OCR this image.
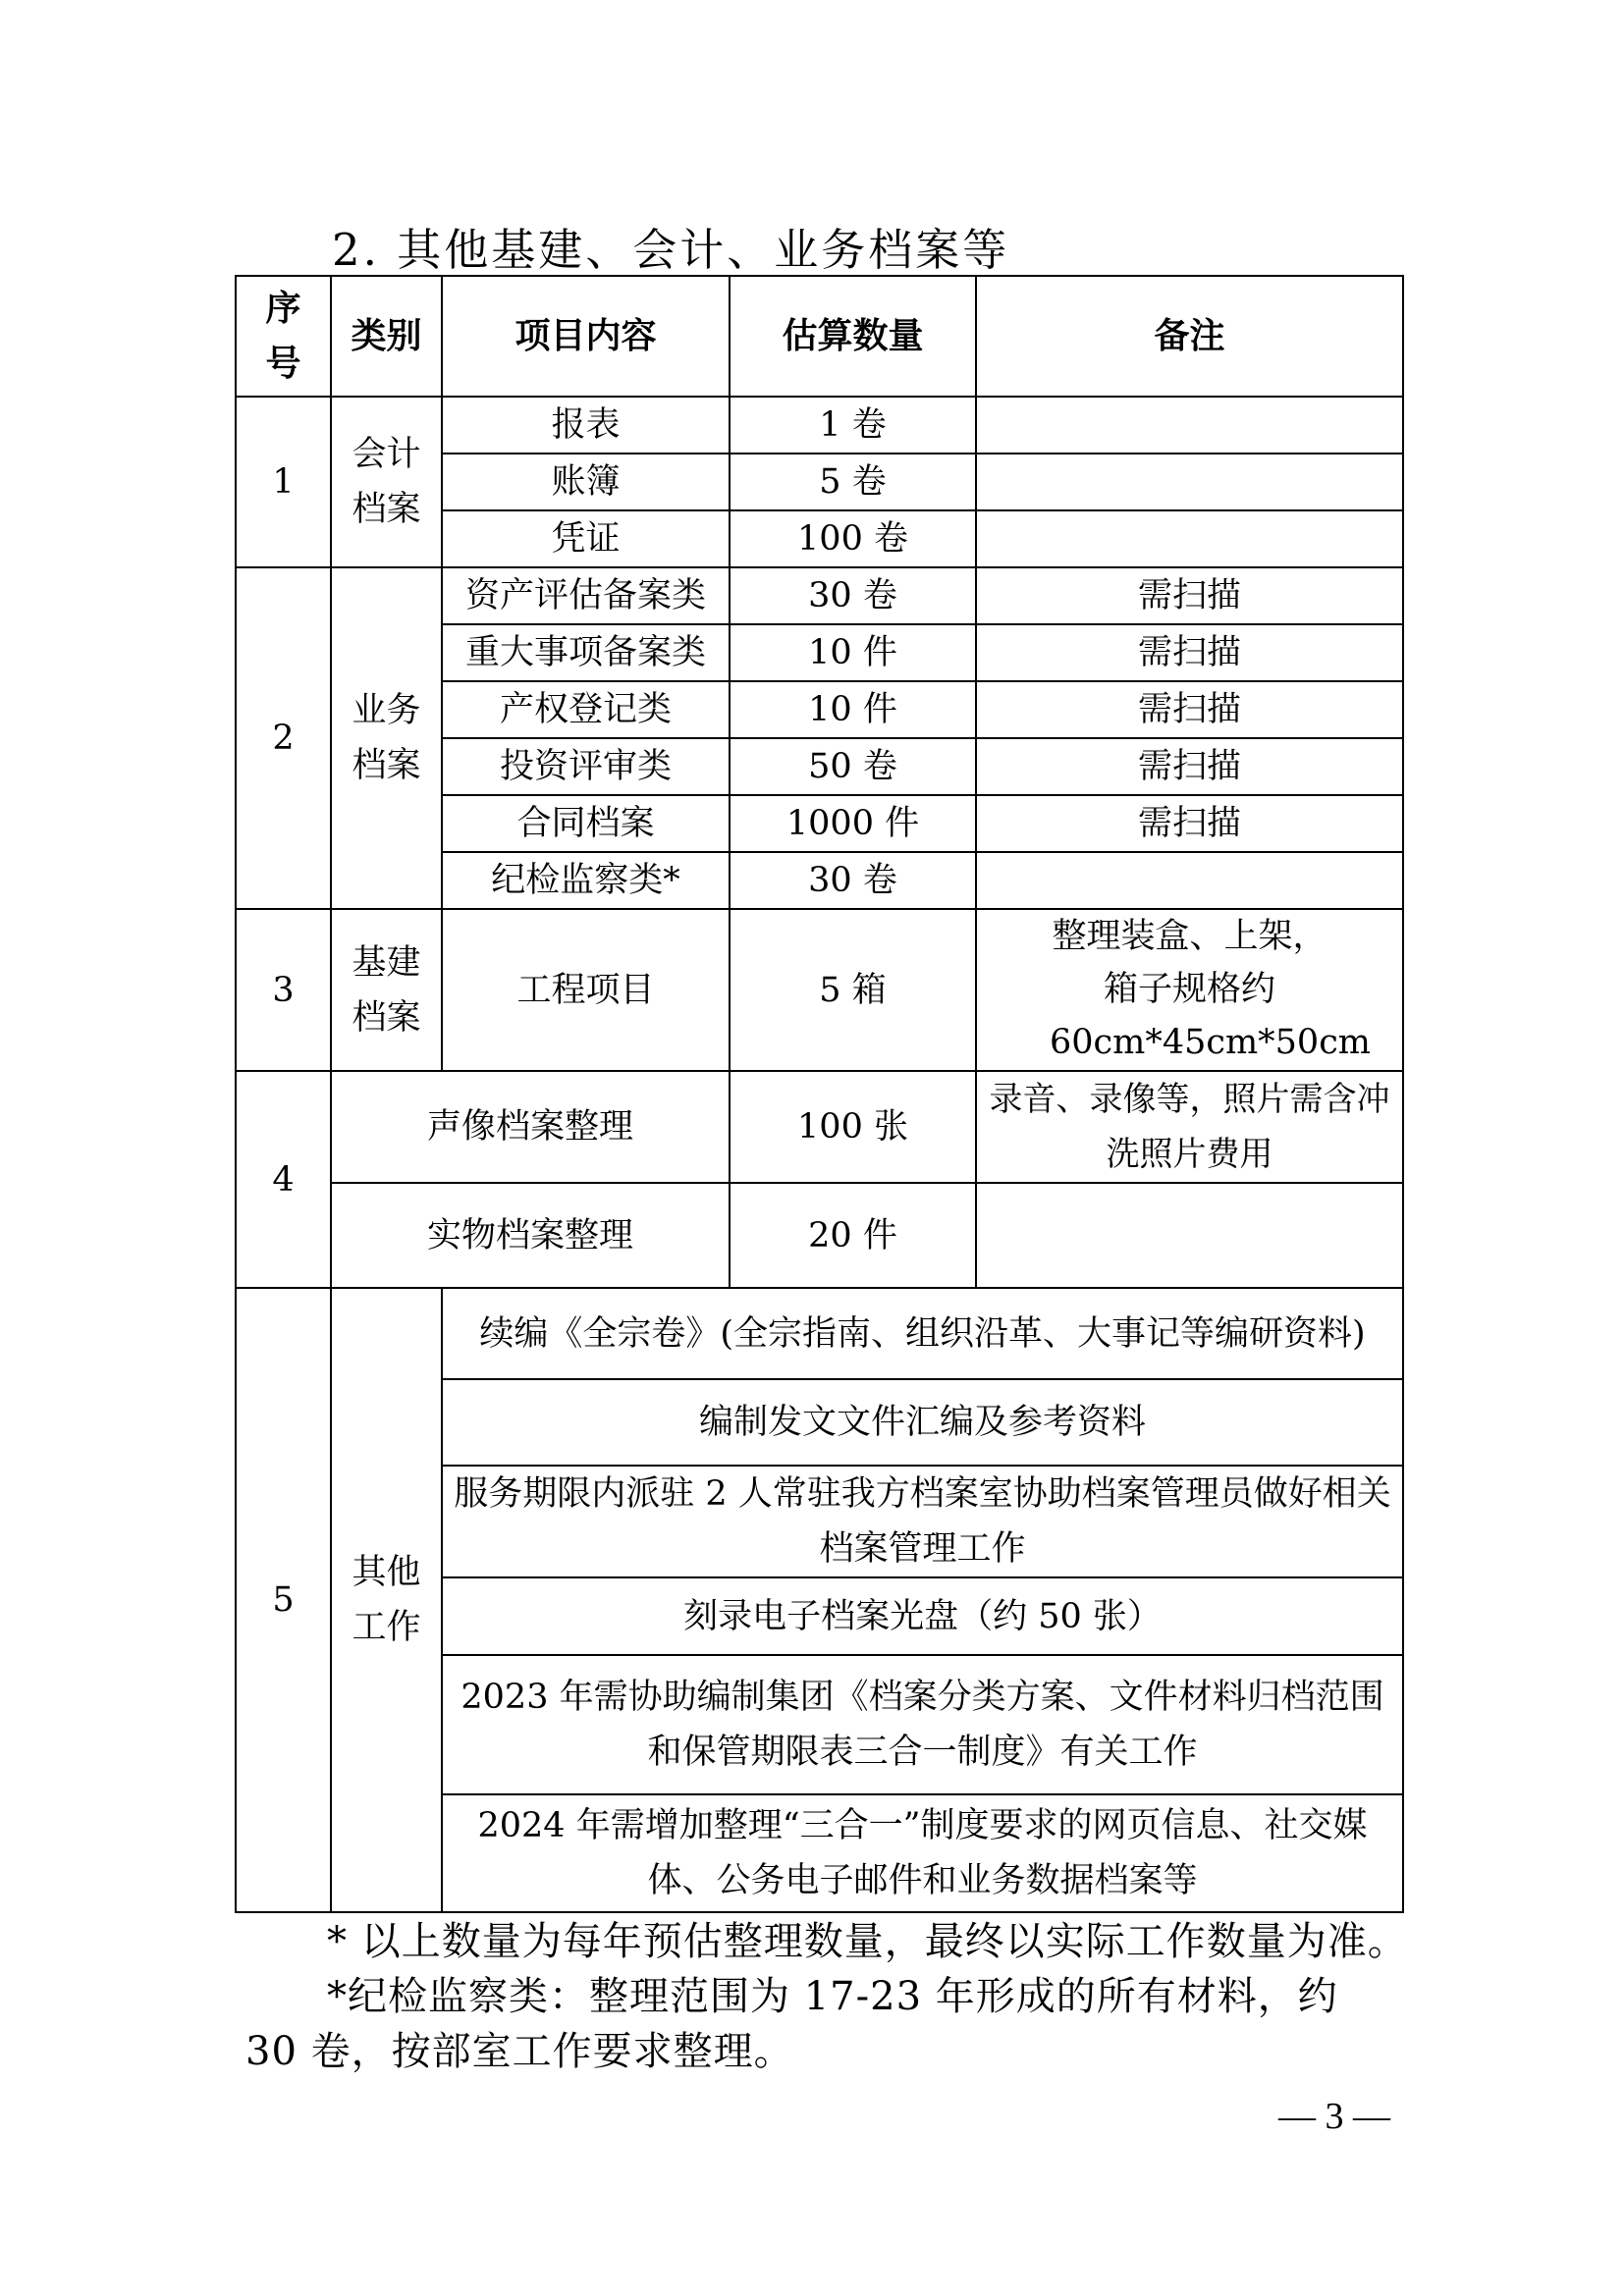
2. 其他基建、会计、业务档案等
序号	类别	项目内容	估算数量	备注
1	会计档案	报表	1 卷	
		账簿	5 卷	
		凭证	100 卷	
2	业务档案	资产评估备案类	30 卷	需扫描
		重大事项备案类	10 件	需扫描
		产权登记类	10 件	需扫描
		投资评审类	50 卷	需扫描
		合同档案	1000 件	需扫描
		纪检监察类*	30 卷	
3	基建档案	工程项目	5 箱	整理装盒、上架，箱子规格约60cm*45cm*50cm
4	声像档案整理		100 张	录音、录像等，照片需含冲洗照片费用
	实物档案整理		20 件	
5	其他工作	续编《全宗卷》(全宗指南、组织沿革、大事记等编研资料)		
		编制发文文件汇编及参考资料		
		服务期限内派驻 2 人常驻我方档案室协助档案管理员做好相关档案管理工作		
		刻录电子档案光盘（约 50 张）		
		2023 年需协助编制集团《档案分类方案、文件材料归档范围和保管期限表三合一制度》有关工作		
		2024 年需增加整理“三合一”制度要求的网页信息、社交媒体、公务电子邮件和业务数据档案等		
* 以上数量为每年预估整理数量，最终以实际工作数量为准。
*纪检监察类：整理范围为 17-23 年形成的所有材料，约
30 卷，按部室工作要求整理。
— 3 —
